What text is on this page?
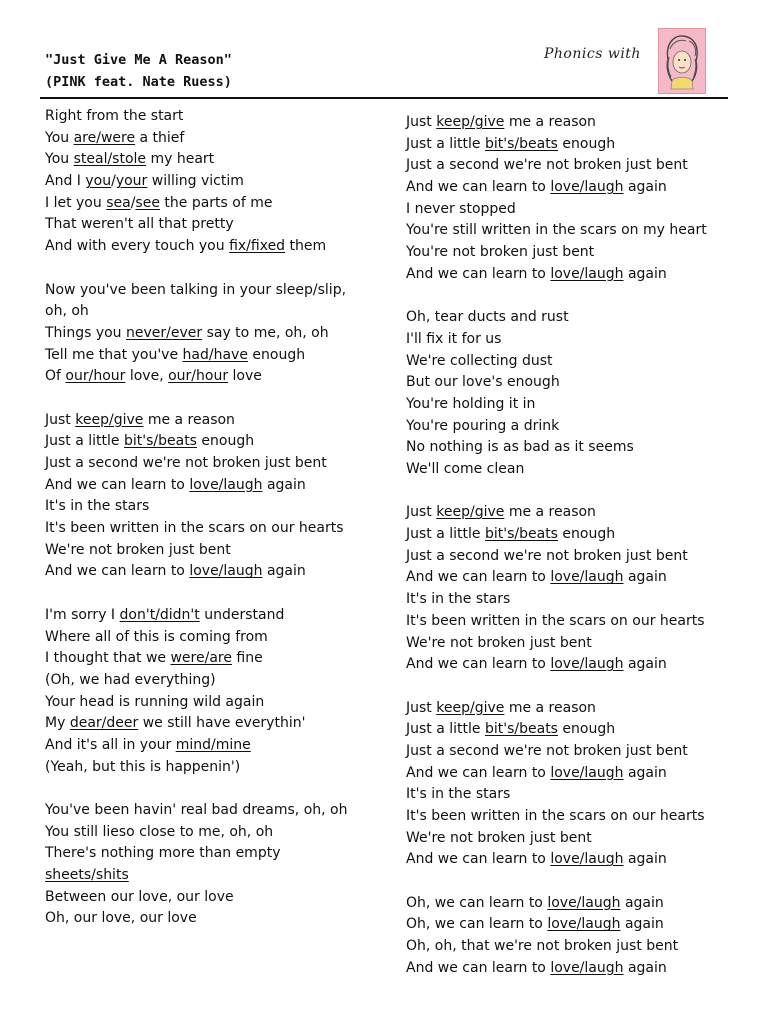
"Just Give Me A Reason"
(PINK feat. Nate Ruess)
Phonics with
Right from the start
You are/were a thief
You steal/stole my heart
And I you/your willing victim
I let you sea/see the parts of me
That weren't all that pretty
And with every touch you fix/fixed them
Now you've been talking in your sleep/slip,
oh, oh
Things you never/ever say to me, oh, oh
Tell me that you've had/have enough
Of our/hour love, our/hour love
Just keep/give me a reason
Just a little bit's/beats enough
Just a second we're not broken just bent
And we can learn to love/laugh again
It's in the stars
It's been written in the scars on our hearts
We're not broken just bent
And we can learn to love/laugh again
I'm sorry I don't/didn't understand
Where all of this is coming from
I thought that we were/are fine
(Oh, we had everything)
Your head is running wild again
My dear/deer we still have everythin'
And it's all in your mind/mine
(Yeah, but this is happenin')
You've been havin' real bad dreams, oh, oh
You still lieso close to me, oh, oh
There's nothing more than empty
sheets/shits
Between our love, our love
Oh, our love, our love
Just keep/give me a reason
Just a little bit's/beats enough
Just a second we're not broken just bent
And we can learn to love/laugh again
I never stopped
You're still written in the scars on my heart
You're not broken just bent
And we can learn to love/laugh again
Oh, tear ducts and rust
I'll fix it for us
We're collecting dust
But our love's enough
You're holding it in
You're pouring a drink
No nothing is as bad as it seems
We'll come clean
Just keep/give me a reason
Just a little bit's/beats enough
Just a second we're not broken just bent
And we can learn to love/laugh again
It's in the stars
It's been written in the scars on our hearts
We're not broken just bent
And we can learn to love/laugh again
Just keep/give me a reason
Just a little bit's/beats enough
Just a second we're not broken just bent
And we can learn to love/laugh again
It's in the stars
It's been written in the scars on our hearts
We're not broken just bent
And we can learn to love/laugh again
Oh, we can learn to love/laugh again
Oh, we can learn to love/laugh again
Oh, oh, that we're not broken just bent
And we can learn to love/laugh again
